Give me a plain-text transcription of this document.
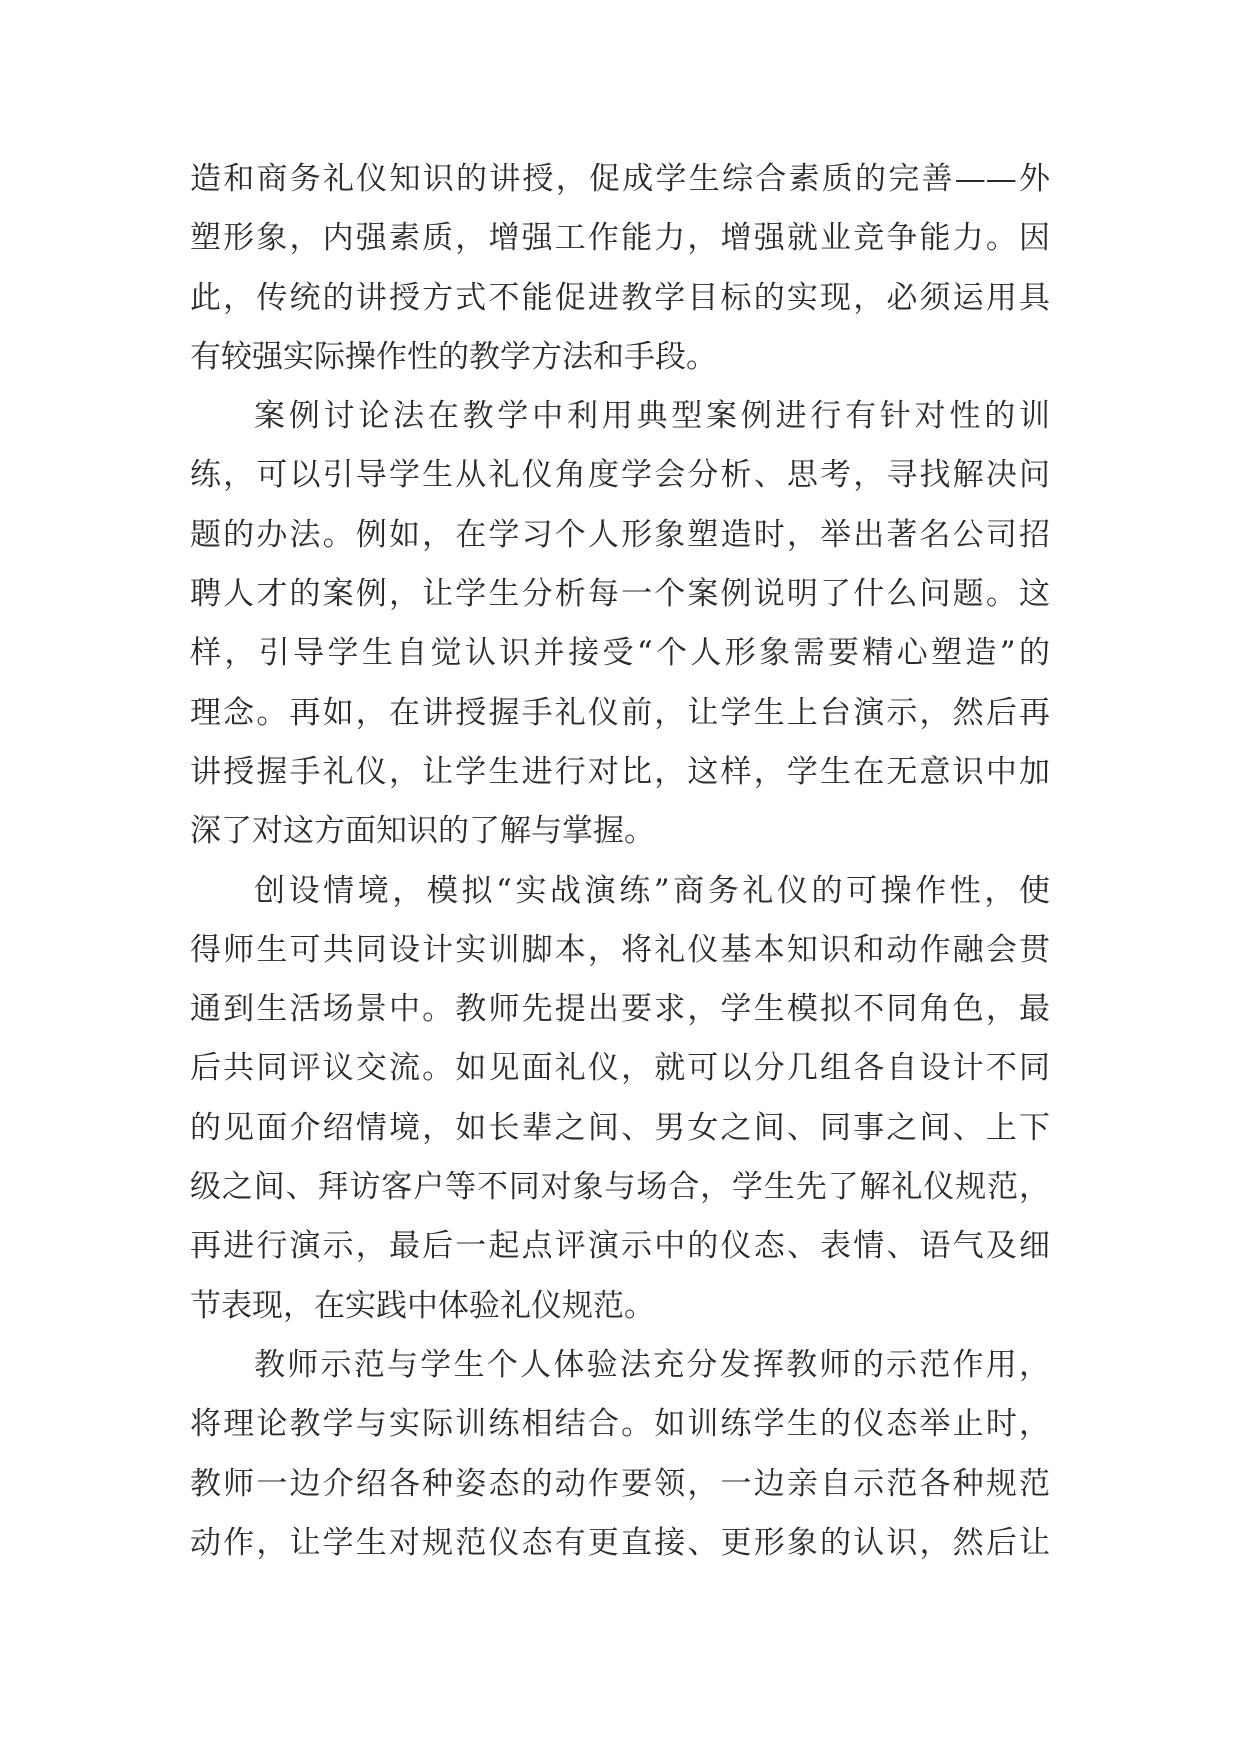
造和商务礼仪知识的讲授，促成学生综合素质的完善——外
塑形象，内强素质，增强工作能力，增强就业竞争能力。因
此，传统的讲授方式不能促进教学目标的实现，必须运用具
有较强实际操作性的教学方法和手段。
案例讨论法在教学中利用典型案例进行有针对性的训
练，可以引导学生从礼仪角度学会分析、思考，寻找解决问
题的办法。例如，在学习个人形象塑造时，举出著名公司招
聘人才的案例，让学生分析每一个案例说明了什么问题。这
样，引导学生自觉认识并接受“个人形象需要精心塑造”的
理念。再如，在讲授握手礼仪前，让学生上台演示，然后再
讲授握手礼仪，让学生进行对比，这样，学生在无意识中加
深了对这方面知识的了解与掌握。
创设情境，模拟“实战演练”商务礼仪的可操作性，使
得师生可共同设计实训脚本，将礼仪基本知识和动作融会贯
通到生活场景中。教师先提出要求，学生模拟不同角色，最
后共同评议交流。如见面礼仪，就可以分几组各自设计不同
的见面介绍情境，如长辈之间、男女之间、同事之间、上下
级之间、拜访客户等不同对象与场合，学生先了解礼仪规范，
再进行演示，最后一起点评演示中的仪态、表情、语气及细
节表现，在实践中体验礼仪规范。
教师示范与学生个人体验法充分发挥教师的示范作用，
将理论教学与实际训练相结合。如训练学生的仪态举止时，
教师一边介绍各种姿态的动作要领，一边亲自示范各种规范
动作，让学生对规范仪态有更直接、更形象的认识，然后让
